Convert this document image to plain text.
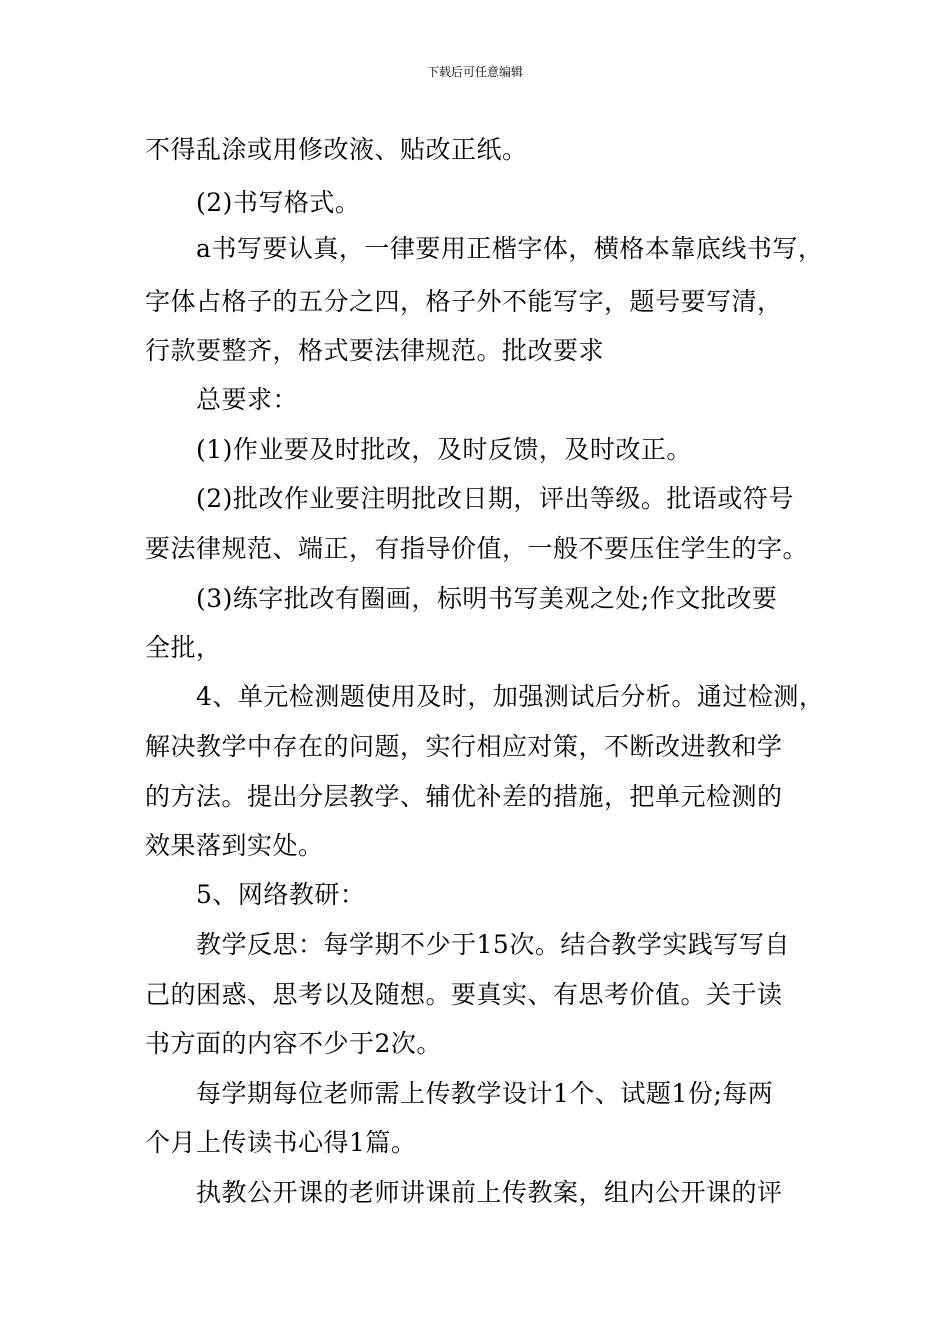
下载后可任意编辑
不得乱涂或用修改液、贴改正纸。
(2)书写格式。
a书写要认真，一律要用正楷字体，横格本靠底线书写，
字体占格子的五分之四，格子外不能写字，题号要写清，
行款要整齐，格式要法律规范。批改要求
总要求：
(1)作业要及时批改，及时反馈，及时改正。
(2)批改作业要注明批改日期，评出等级。批语或符号
要法律规范、端正，有指导价值，一般不要压住学生的字。
(3)练字批改有圈画，标明书写美观之处;作文批改要
全批，
4、单元检测题使用及时，加强测试后分析。通过检测，
解决教学中存在的问题，实行相应对策，不断改进教和学
的方法。提出分层教学、辅优补差的措施，把单元检测的
效果落到实处。
5、网络教研：
教学反思：每学期不少于15次。结合教学实践写写自
己的困惑、思考以及随想。要真实、有思考价值。关于读
书方面的内容不少于2次。
每学期每位老师需上传教学设计1个、试题1份;每两
个月上传读书心得1篇。
执教公开课的老师讲课前上传教案，组内公开课的评
